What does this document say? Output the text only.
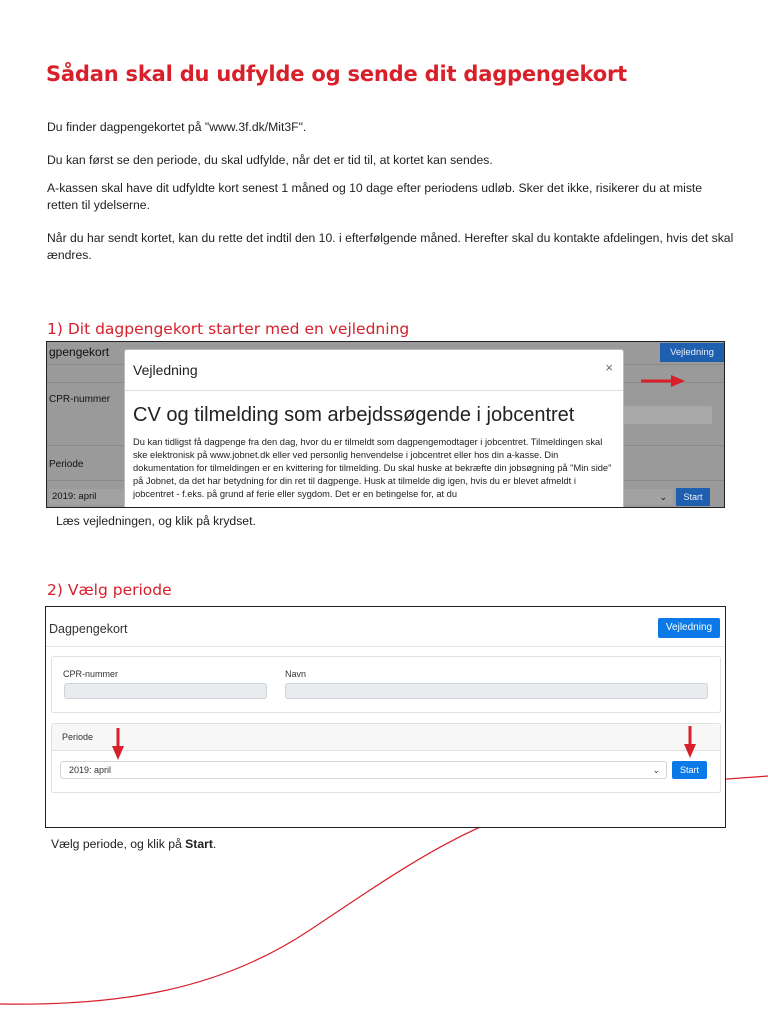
Sådan skal du udfylde og sende dit dagpengekort

Du finder dagpengekortet på "www.3f.dk/Mit3F".

Du kan først se den periode, du skal udfylde, når det er tid til, at kortet kan sendes.

A-kassen skal have dit udfyldte kort senest 1 måned og 10 dage efter periodens udløb. Sker det ikke, risikerer du at miste retten til ydelserne.

Når du har sendt kortet, kan du rette det indtil den 10. i efterfølgende måned. Herefter skal du kontakte afdelingen, hvis det skal ændres.

1) Dit dagpengekort starter med en vejledning
gpengekort
CPR-nummer
Periode
2019: april	⌄
Vejledning
Start
Vejledning	×
CV og tilmelding som arbejdssøgende i jobcentret

Du kan tidligst få dagpenge fra den dag, hvor du er tilmeldt som dagpengemodtager i jobcentret. Tilmeldingen skal ske elektronisk på www.jobnet.dk eller ved personlig henvendelse i jobcentret eller hos din a-kasse. Din dokumentation for tilmeldingen er en kvittering for tilmelding. Du skal huske at bekræfte din jobsøgning på "Min side" på Jobnet, da det har betydning for din ret til dagpenge. Husk at tilmelde dig igen, hvis du er blevet afmeldt i jobcentret - f.eks. på grund af ferie eller sygdom. Det er en betingelse for, at du

Læs vejledningen, og klik på krydset.

2) Vælg periode
Dagpengekort	Vejledning
CPR-nummer	Navn
Periode
2019: april	⌄	Start

Vælg periode, og klik på Start.
